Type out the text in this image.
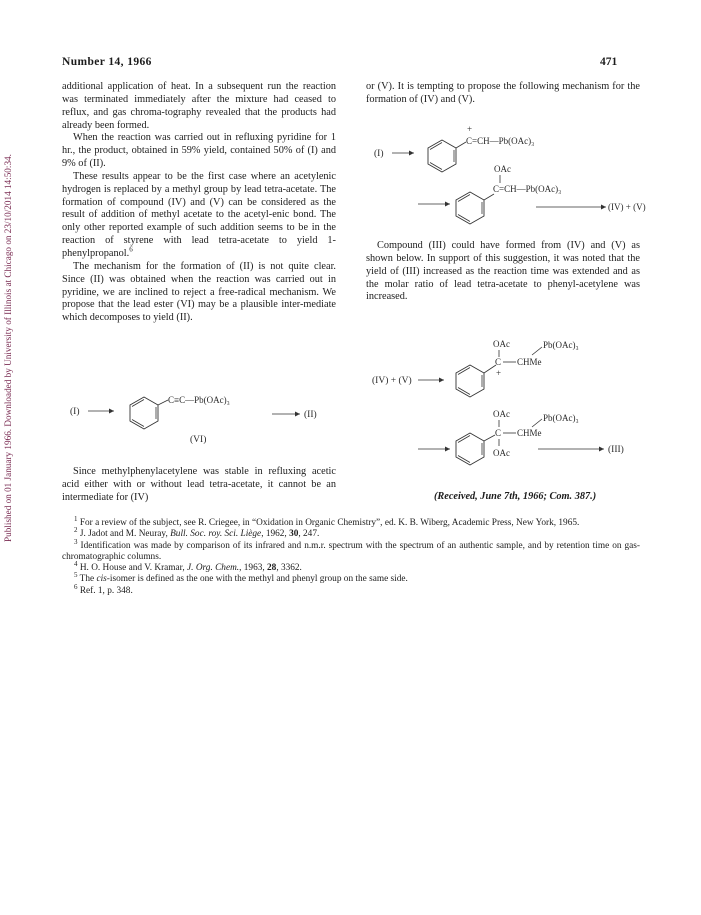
Published on 01 January 1966. Downloaded by University of Illinois at Chicago on 23/10/2014 14:50:34.
Number 14, 1966	471

additional application of heat. In a subsequent run the reaction was terminated immediately after the mixture had ceased to reflux, and gas chroma-tography revealed that the products had already been formed.

When the reaction was carried out in refluxing pyridine for 1 hr., the product, obtained in 59% yield, contained 50% of (I) and 9% of (II).

These results appear to be the first case where an acetylenic hydrogen is replaced by a methyl group by lead tetra-acetate. The formation of compound (IV) and (V) can be considered as the result of addition of methyl acetate to the acetyl-enic bond. The only other reported example of such addition seems to be in the reaction of styrene with lead tetra-acetate to yield 1-phenylpropanol.$^6$

The mechanism for the formation of (II) is not quite clear. Since (II) was obtained when the reaction was carried out in pyridine, we are inclined to reject a free-radical mechanism. We propose that the lead ester (VI) may be a plausible inter-mediate which decomposes to yield (II).

(I)
C≡C—Pb(OAc)₃
(II)
(VI)

Since methylphenylacetylene was stable in refluxing acetic acid either with or without lead tetra-acetate, it cannot be an intermediate for (IV)

or (V). It is tempting to propose the following mechanism for the formation of (IV) and (V).

(I)
+
C=CH—Pb(OAc)₃
OAc
C=CH—Pb(OAc)₃
(IV) + (V)

Compound (III) could have formed from (IV) and (V) as shown below. In support of this suggestion, it was noted that the yield of (III) increased as the reaction time was extended and as the molar ratio of lead tetra-acetate to phenyl-acetylene was increased.

(IV) + (V)
OAc
C
+
CHMe
Pb(OAc)₃
OAc
C CHMe
Pb(OAc)₃
OAc	(III)
(Received, June 7th, 1966; Com. 387.)

$^1$ For a review of the subject, see R. Criegee, in “Oxidation in Organic Chemistry”, ed. K. B. Wiberg, Academic Press, New York, 1965.

$^2$ J. Jadot and M. Neuray, Bull. Soc. roy. Sci. Liège, 1962, 30, 247.

$^3$ Identification was made by comparison of its infrared and n.m.r. spectrum with the spectrum of an authentic sample, and by retention time on gas-chromatographic columns.

$^4$ H. O. House and V. Kramar, J. Org. Chem., 1963, 28, 3362.

$^5$ The cis-isomer is defined as the one with the methyl and phenyl group on the same side.

$^6$ Ref. 1, p. 348.
